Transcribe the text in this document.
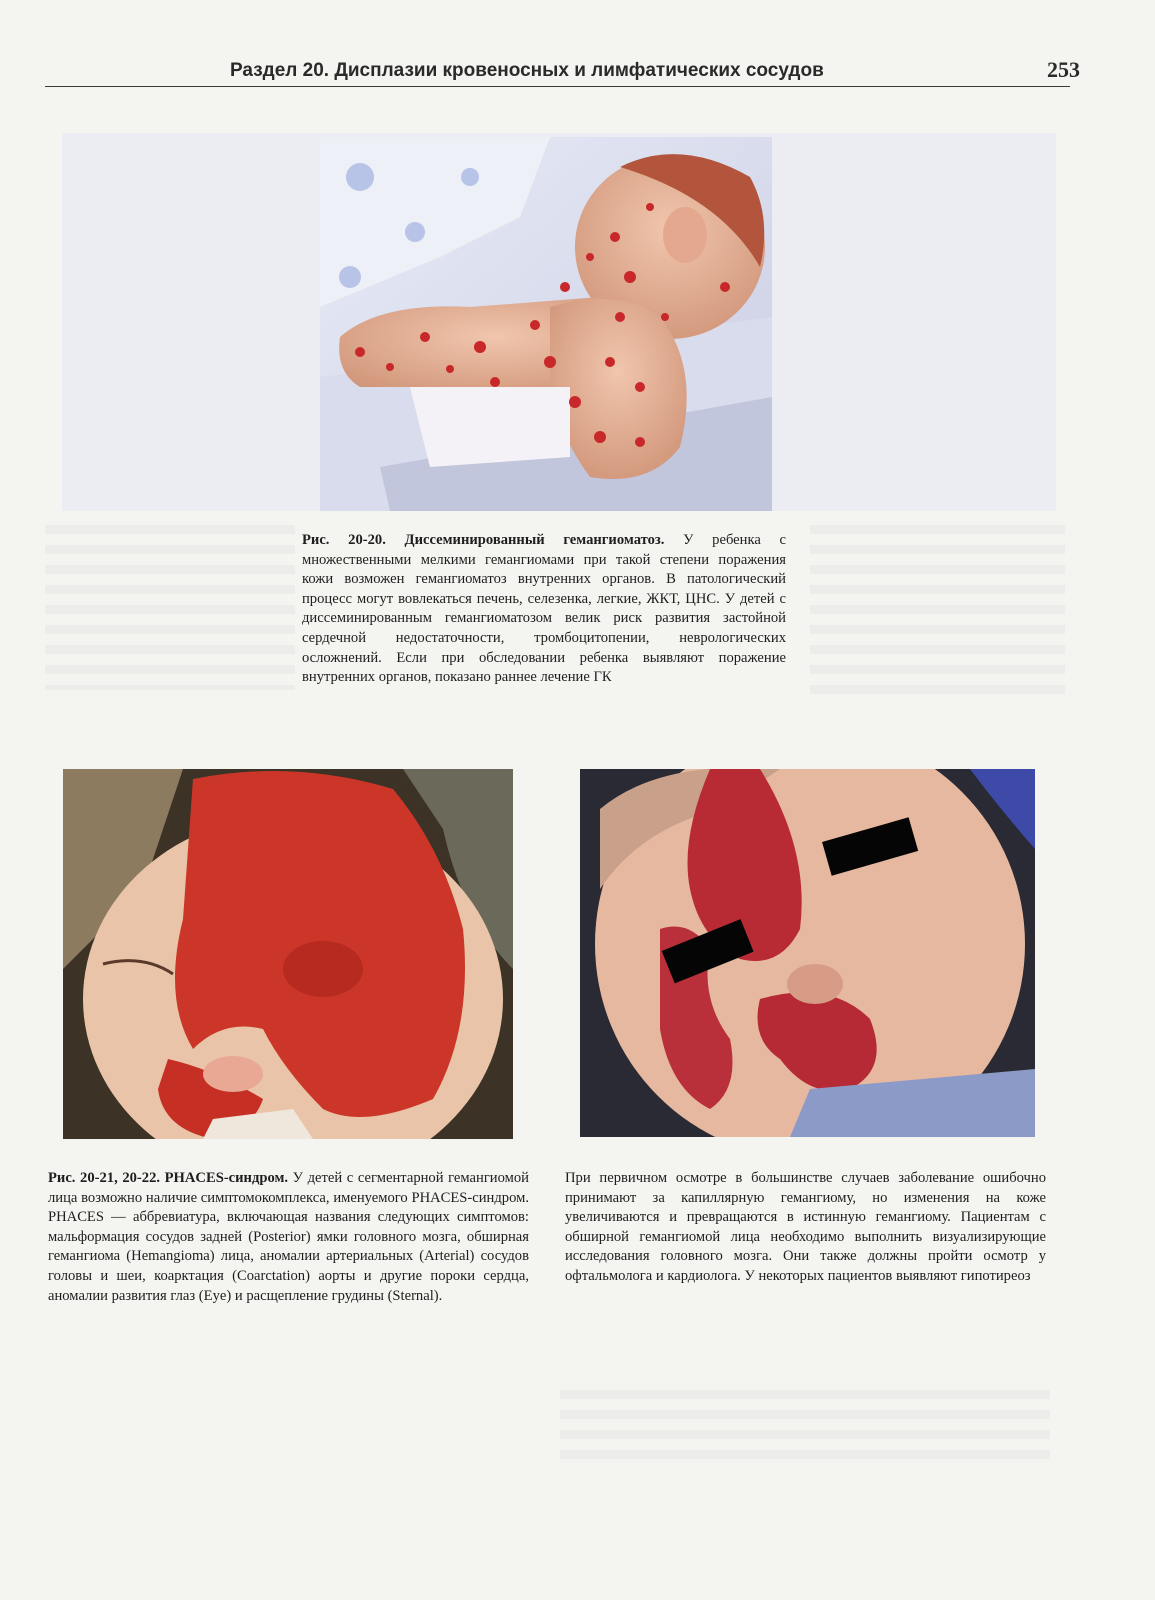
Раздел 20. Дисплазии кровеносных и лимфатических сосудов	253

Рис. 20-20. Диссеминированный гемангиоматоз. У ребенка с множественными мелкими гемангиомами при такой степени поражения кожи возможен гемангиоматоз внутренних органов. В патологический процесс могут вовлекаться печень, селезенка, легкие, ЖКТ, ЦНС. У детей с диссеминированным гемангиоматозом велик риск развития застойной сердечной недостаточности, тромбоцитопении, неврологических осложнений. Если при обследовании ребенка выявляют поражение внутренних органов, показано раннее лечение ГК

Рис. 20-21, 20-22. PHACES-синдром. У детей с сегментарной гемангиомой лица возможно наличие симптомокомплекса, именуемого PHACES-синдром. PHACES — аббревиатура, включающая названия следующих симптомов: мальформация сосудов задней (Posterior) ямки головного мозга, обширная гемангиома (Hemangioma) лица, аномалии артериальных (Arterial) сосудов головы и шеи, коарктация (Coarctation) аорты и другие пороки сердца, аномалии развития глаз (Eye) и расщепление грудины (Sternal).

При первичном осмотре в большинстве случаев заболевание ошибочно принимают за капиллярную гемангиому, но изменения на коже увеличиваются и превращаются в истинную гемангиому. Пациентам с обширной гемангиомой лица необходимо выполнить визуализирующие исследования головного мозга. Они также должны пройти осмотр у офтальмолога и кардиолога. У некоторых пациентов выявляют гипотиреоз
